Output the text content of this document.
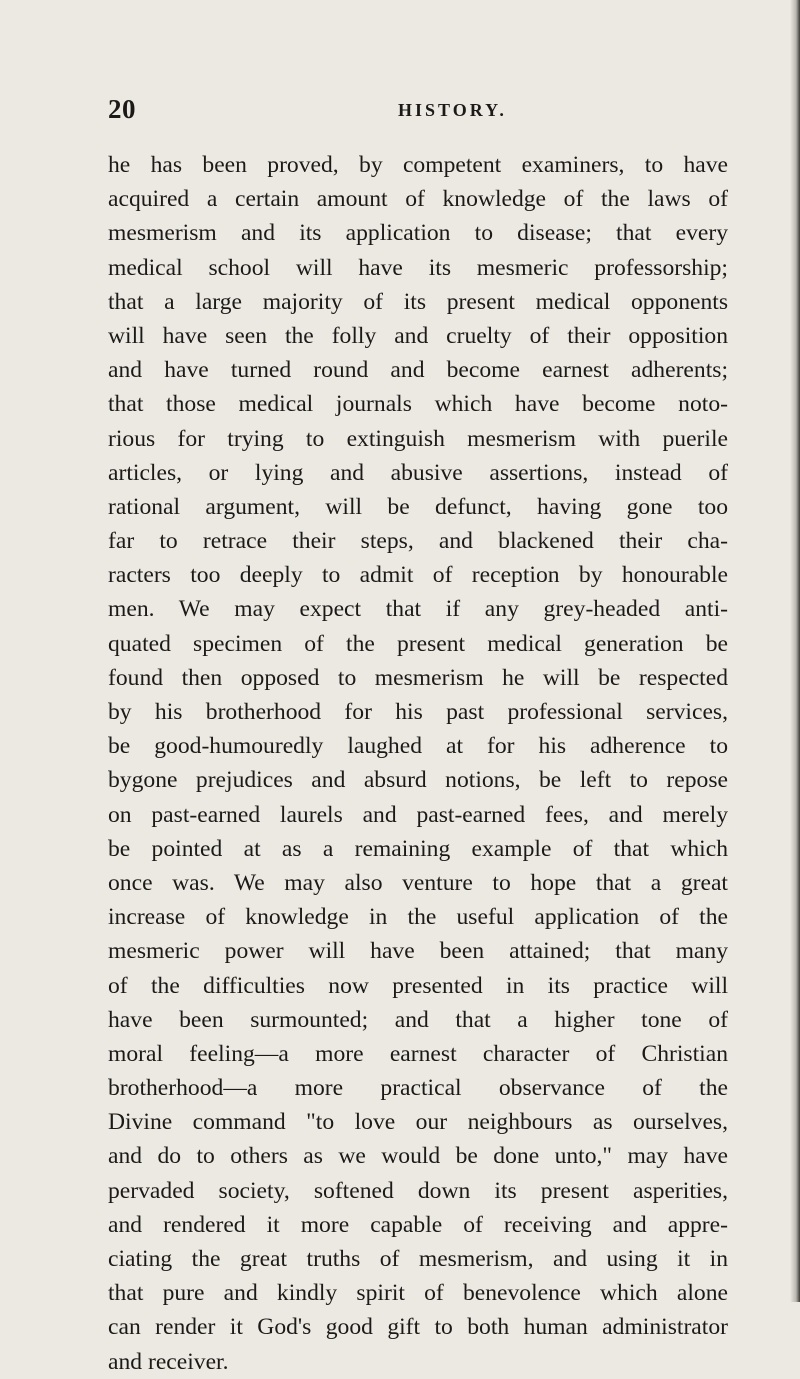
20	HISTORY.
he has been proved, by competent examiners, to have
acquired a certain amount of knowledge of the laws of
mesmerism and its application to disease; that every
medical school will have its mesmeric professorship;
that a large majority of its present medical opponents
will have seen the folly and cruelty of their opposition
and have turned round and become earnest adherents;
that those medical journals which have become noto-
rious for trying to extinguish mesmerism with puerile
articles, or lying and abusive assertions, instead of
rational argument, will be defunct, having gone too
far to retrace their steps, and blackened their cha-
racters too deeply to admit of reception by honourable
men. We may expect that if any grey-headed anti-
quated specimen of the present medical generation be
found then opposed to mesmerism he will be respected
by his brotherhood for his past professional services,
be good-humouredly laughed at for his adherence to
bygone prejudices and absurd notions, be left to repose
on past-earned laurels and past-earned fees, and merely
be pointed at as a remaining example of that which
once was. We may also venture to hope that a great
increase of knowledge in the useful application of the
mesmeric power will have been attained; that many
of the difficulties now presented in its practice will
have been surmounted; and that a higher tone of
moral feeling—a more earnest character of Christian
brotherhood—a more practical observance of the
Divine command "to love our neighbours as ourselves,
and do to others as we would be done unto," may have
pervaded society, softened down its present asperities,
and rendered it more capable of receiving and appre-
ciating the great truths of mesmerism, and using it in
that pure and kindly spirit of benevolence which alone
can render it God's good gift to both human administrator
and receiver.
